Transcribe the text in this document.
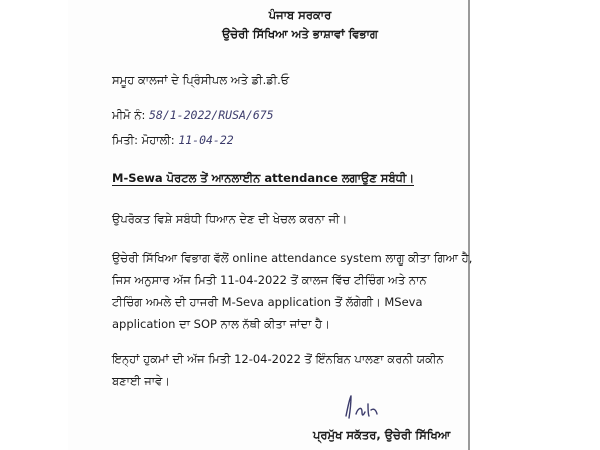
ਪੰਜਾਬ ਸਰਕਾਰ
ਉਚੇਰੀ ਸਿੱਖਿਆ ਅਤੇ ਭਾਸ਼ਾਵਾਂ ਵਿਭਾਗ
ਸਮੂਹ ਕਾਲਜਾਂ ਦੇ ਪ੍ਰਿੰਸੀਪਲ ਅਤੇ ਡੀ.ਡੀ.ਓ
ਮੀਮੋ ਨੰ: 58/1-2022/RUSA/675
ਮਿਤੀ: ਮੋਹਾਲੀ: 11-04-22
M-Sewa ਪੋਰਟਲ ਤੇਂ ਆਨਲਾਈਨ attendance ਲਗਾਉਣ ਸਬੰਧੀ।
ਉਪਰੋਕਤ ਵਿਸ਼ੇ ਸਬੰਧੀ ਧਿਆਨ ਦੇਣ ਦੀ ਖੇਚਲ ਕਰਨਾ ਜੀ।
ਉਚੇਰੀ ਸਿੱਖਿਆ ਵਿਭਾਗ ਵੱਲੋਂ online attendance system ਲਾਗੂ ਕੀਤਾ ਗਿਆ ਹੈ,
ਜਿਸ ਅਨੁਸਾਰ ਅੱਜ ਮਿਤੀ 11-04-2022 ਤੋਂ ਕਾਲਜ ਵਿੱਚ ਟੀਚਿੰਗ ਅਤੇ ਨਾਨ
ਟੀਚਿੰਗ ਅਮਲੇ ਦੀ ਹਾਜਰੀ M-Seva application ਤੋਂ ਲੱਗੇਗੀ। MSeva
application ਦਾ SOP ਨਾਲ ਨੱਥੀ ਕੀਤਾ ਜਾਂਦਾ ਹੈ।
ਇਨ੍ਹਾਂ ਹੁਕਮਾਂ ਦੀ ਅੱਜ ਮਿਤੀ 12-04-2022 ਤੋਂ ਇੰਨਬਿਨ ਪਾਲਣਾ ਕਰਨੀ ਯਕੀਨ
ਬਣਾਈ ਜਾਵੇ।
ਪ੍ਰਮੁੱਖ ਸਕੱਤਰ, ਉਚੇਰੀ ਸਿੱਖਿਆ
